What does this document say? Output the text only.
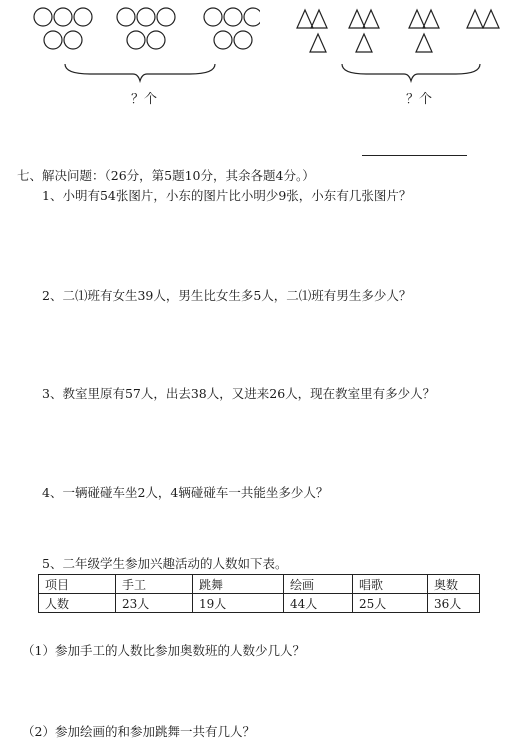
？个	？个
七、解决问题：（26分，第5题10分，其余各题4分。）
1、小明有54张图片，小东的图片比小明少9张，小东有几张图片？
2、二⑴班有女生39人，男生比女生多5人，二⑴班有男生多少人？
3、教室里原有57人，出去38人，又进来26人，现在教室里有多少人？
4、一辆碰碰车坐2人，4辆碰碰车一共能坐多少人？
5、二年级学生参加兴趣活动的人数如下表。
项目	手工	跳舞	绘画	唱歌	奥数
人数	23人	19人	44人	25人	36人
（1）参加手工的人数比参加奥数班的人数少几人？
（2）参加绘画的和参加跳舞一共有几人？
